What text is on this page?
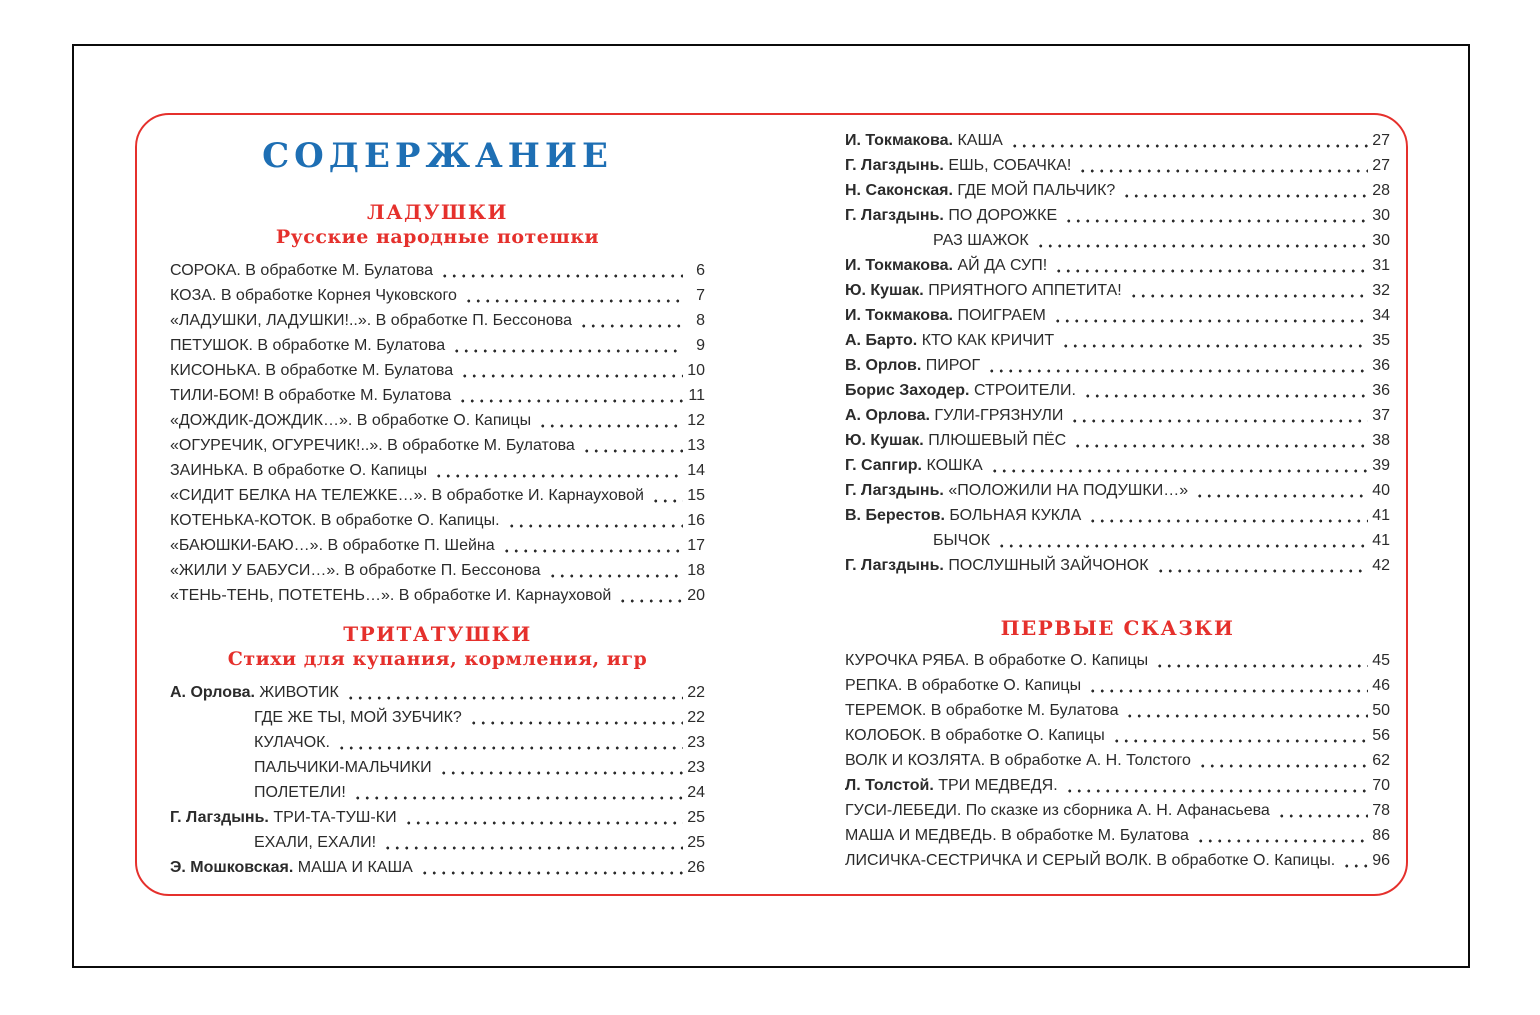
СОДЕРЖАНИЕ
ЛАДУШКИ
Русские народные потешки
СОРОКА. В обработке М. Булатова	6
КОЗА. В обработке Корнея Чуковского	7
«ЛАДУШКИ, ЛАДУШКИ!..». В обработке П. Бессонова	8
ПЕТУШОК. В обработке М. Булатова	9
КИСОНЬКА. В обработке М. Булатова	10
ТИЛИ-БОМ! В обработке М. Булатова	11
«ДОЖДИК-ДОЖДИК…». В обработке О. Капицы	12
«ОГУРЕЧИК, ОГУРЕЧИК!..». В обработке М. Булатова	13
ЗАИНЬКА. В обработке О. Капицы	14
«СИДИТ БЕЛКА НА ТЕЛЕЖКЕ…». В обработке И. Карнауховой	15
КОТЕНЬКА-КОТОК. В обработке О. Капицы.	16
«БАЮШКИ-БАЮ…». В обработке П. Шейна	17
«ЖИЛИ У БАБУСИ…». В обработке П. Бессонова	18
«ТЕНЬ-ТЕНЬ, ПОТЕТЕНЬ…». В обработке И. Карнауховой	20
ТРИТАТУШКИ
Стихи для купания, кормления, игр
А. Орлова. ЖИВОТИК	22
ГДЕ ЖЕ ТЫ, МОЙ ЗУБЧИК?	22
КУЛАЧОК.	23
ПАЛЬЧИКИ-МАЛЬЧИКИ	23
ПОЛЕТЕЛИ!	24
Г. Лагздынь. ТРИ-ТА-ТУШ-КИ	25
ЕХАЛИ, ЕХАЛИ!	25
Э. Мошковская. МАША И КАША	26
И. Токмакова. КАША	27
Г. Лагздынь. ЕШЬ, СОБАЧКА!	27
Н. Саконская. ГДЕ МОЙ ПАЛЬЧИК?	28
Г. Лагздынь. ПО ДОРОЖКЕ	30
РАЗ ШАЖОК	30
И. Токмакова. АЙ ДА СУП!	31
Ю. Кушак. ПРИЯТНОГО АППЕТИТА!	32
И. Токмакова. ПОИГРАЕМ	34
А. Барто. КТО КАК КРИЧИТ	35
В. Орлов. ПИРОГ	36
Борис Заходер. СТРОИТЕЛИ.	36
А. Орлова. ГУЛИ-ГРЯЗНУЛИ	37
Ю. Кушак. ПЛЮШЕВЫЙ ПЁС	38
Г. Сапгир. КОШКА	39
Г. Лагздынь. «ПОЛОЖИЛИ НА ПОДУШКИ…»	40
В. Берестов. БОЛЬНАЯ КУКЛА	41
БЫЧОК	41
Г. Лагздынь. ПОСЛУШНЫЙ ЗАЙЧОНОК	42
ПЕРВЫЕ СКАЗКИ
КУРОЧКА РЯБА. В обработке О. Капицы	45
РЕПКА. В обработке О. Капицы	46
ТЕРЕМОК. В обработке М. Булатова	50
КОЛОБОК. В обработке О. Капицы	56
ВОЛК И КОЗЛЯТА. В обработке А. Н. Толстого	62
Л. Толстой. ТРИ МЕДВЕДЯ.	70
ГУСИ-ЛЕБЕДИ. По сказке из сборника А. Н. Афанасьева	78
МАША И МЕДВЕДЬ. В обработке М. Булатова	86
ЛИСИЧКА-СЕСТРИЧКА И СЕРЫЙ ВОЛК. В обработке О. Капицы. 96
